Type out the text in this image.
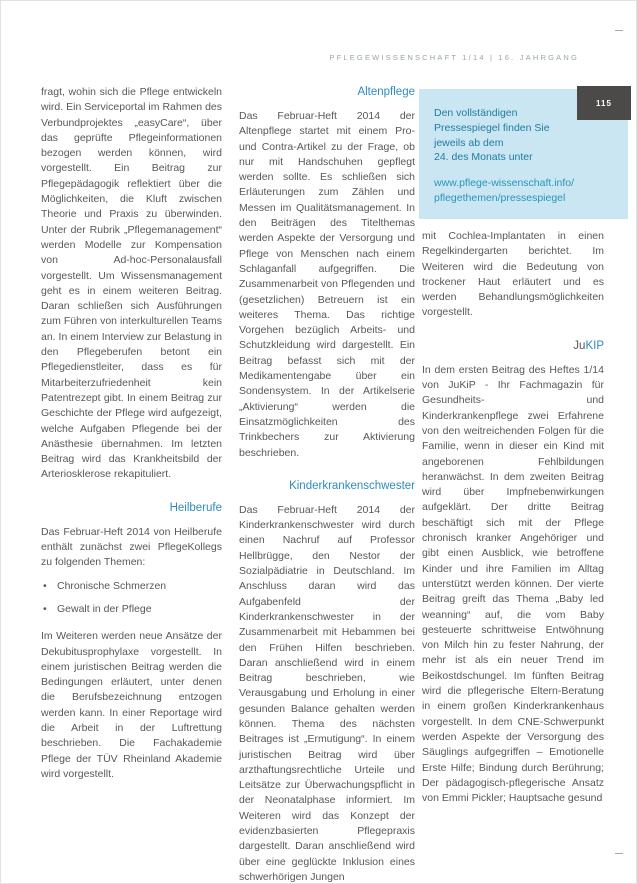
PFLEGEWISSENSCHAFT 1/14 | 16. JAHRGANG

fragt, wohin sich die Pflege entwickeln wird. Ein Serviceportal im Rahmen des Verbundprojektes „easyCare“, über das geprüfte Pflegeinformationen bezogen werden können, wird vorgestellt. Ein Beitrag zur Pflegepädagogik reflektiert über die Möglichkeiten, die Kluft zwischen Theorie und Praxis zu überwinden. Unter der Rubrik „Pflegemanagement“ werden Modelle zur Kompensation von Ad-hoc-Personalausfall vorgestellt. Um Wissensmanagement geht es in einem weiteren Beitrag. Daran schließen sich Ausführungen zum Führen von interkulturellen Teams an. In einem Interview zur Belastung in den Pflegeberufen betont ein Pflegedienstleiter, dass es für Mitarbeiterzufriedenheit kein Patentrezept gibt. In einem Beitrag zur Geschichte der Pflege wird aufgezeigt, welche Aufgaben Pflegende bei der Anästhesie übernahmen. Im letzten Beitrag wird das Krankheitsbild der Arteriosklerose rekapituliert.

Heilberufe

Das Februar-Heft 2014 von Heilberufe enthält zunächst zwei PflegeKollegs zu folgenden Themen:

• Chronische Schmerzen
• Gewalt in der Pflege

Im Weiteren werden neue Ansätze der Dekubitusprophylaxe vorgestellt. In einem juristischen Beitrag werden die Bedingungen erläutert, unter denen die Berufsbezeichnung entzogen werden kann. In einer Reportage wird die Arbeit in der Luftrettung beschrieben. Die Fachakademie Pflege der TÜV Rheinland Akademie wird vorgestellt.

Altenpflege

Das Februar-Heft 2014 der Altenpflege startet mit einem Pro- und Contra-Artikel zu der Frage, ob nur mit Handschuhen gepflegt werden sollte. Es schließen sich Erläuterungen zum Zählen und Messen im Qualitätsmanagement. In den Beiträgen des Titelthemas werden Aspekte der Versorgung und Pflege von Menschen nach einem Schlaganfall aufgegriffen. Die Zusammenarbeit von Pflegenden und (gesetzlichen) Betreuern ist ein weiteres Thema. Das richtige Vorgehen bezüglich Arbeits- und Schutzkleidung wird dargestellt. Ein Beitrag befasst sich mit der Medikamentengabe über ein Sondensystem. In der Artikelserie „Aktivierung“ werden die Einsatzmöglichkeiten des Trinkbechers zur Aktivierung beschrieben.

Kinderkrankenschwester

Das Februar-Heft 2014 der Kinderkrankenschwester wird durch einen Nachruf auf Professor Hellbrügge, den Nestor der Sozialpädiatrie in Deutschland. Im Anschluss daran wird das Aufgabenfeld der Kinderkrankenschwester in der Zusammenarbeit mit Hebammen bei den Frühen Hilfen beschrieben. Daran anschließend wird in einem Beitrag beschrieben, wie Verausgabung und Erholung in einer gesunden Balance gehalten werden können. Thema des nächsten Beitrages ist „Ermutigung“. In einem juristischen Beitrag wird über arzthaftungsrechtliche Urteile und Leitsätze zur Überwachungspflicht in der Neonatalphase informiert. Im Weiteren wird das Konzept der evidenzbasierten Pflegepraxis dargestellt. Daran anschließend wird über eine geglückte Inklusion eines schwerhörigen Jungen

Den vollständigen
Pressespiegel finden Sie
jeweils ab dem
24. des Monats unter
www.pflege-wissenschaft.info/
pflegethemen/pressespiegel
115

mit Cochlea-Implantaten in einen Regelkindergarten berichtet. Im Weiteren wird die Bedeutung von trockener Haut erläutert und es werden Behandlungsmöglichkeiten vorgestellt.

JuKIP

In dem ersten Beitrag des Heftes 1/14 von JuKiP - Ihr Fachmagazin für Gesundheits- und Kinderkrankenpflege zwei Erfahrene von den weitreichenden Folgen für die Familie, wenn in dieser ein Kind mit angeborenen Fehlbildungen heranwächst. In dem zweiten Beitrag wird über Impfnebenwirkungen aufgeklärt. Der dritte Beitrag beschäftigt sich mit der Pflege chronisch kranker Angehöriger und gibt einen Ausblick, wie betroffene Kinder und ihre Familien im Alltag unterstützt werden können. Der vierte Beitrag greift das Thema „Baby led weanning“ auf, die vom Baby gesteuerte schrittweise Entwöhnung von Milch hin zu fester Nahrung, der mehr ist als ein neuer Trend im Beikostdschungel. Im fünften Beitrag wird die pflegerische Eltern-Beratung in einem großen Kinderkrankenhaus vorgestellt. In dem CNE-Schwerpunkt werden Aspekte der Versorgung des Säuglings aufgegriffen – Emotionelle Erste Hilfe; Bindung durch Berührung; Der pädagogisch-pflegerische Ansatz von Emmi Pickler; Hauptsache gesund
